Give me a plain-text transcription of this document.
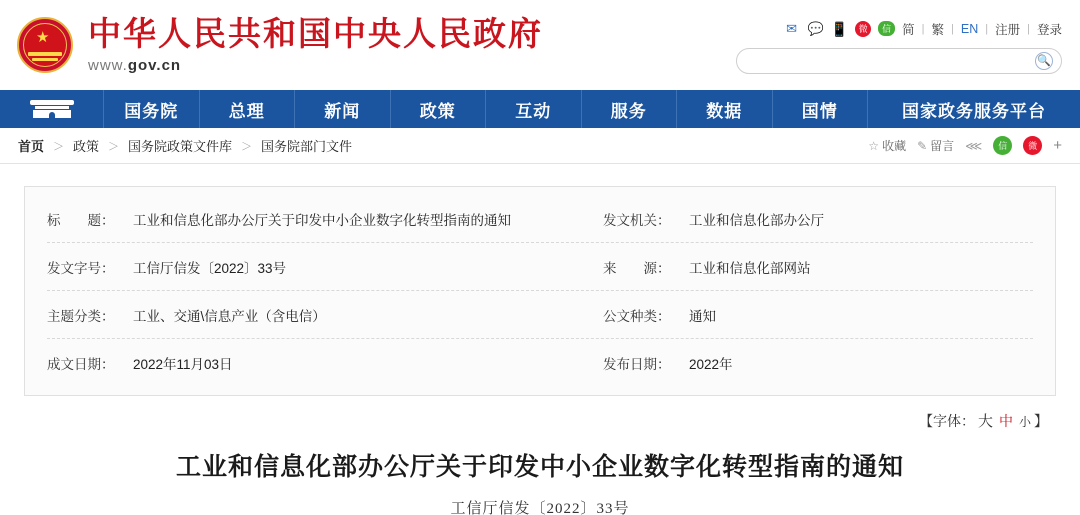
★ 中华人民共和国中央人民政府
www.gov.cn
✉ 💬 📱	微	信 简 | 繁 | EN | 注册 | 登录
🔍
国务院	总理	新闻	政策	互动	服务	数据	国情	国家政务服务平台
首页 ＞ 政策 ＞ 国务院政策文件库 ＞ 国务院部门文件	☆ 收藏 ✎ 留言 ⋘	信	微	+
标　　题：	工业和信息化部办公厅关于印发中小企业数字化转型指南的通知	发文机关：	工业和信息化部办公厅
发文字号：	工信厅信发〔2022〕33号	来　　源：	工业和信息化部网站
主题分类：	工业、交通\信息产业（含电信）	公文种类：	通知
成文日期：	2022年11月03日	发布日期：	2022年
【字体： 大 中 小 】
工业和信息化部办公厅关于印发中小企业数字化转型指南的通知
工信厅信发〔2022〕33号
